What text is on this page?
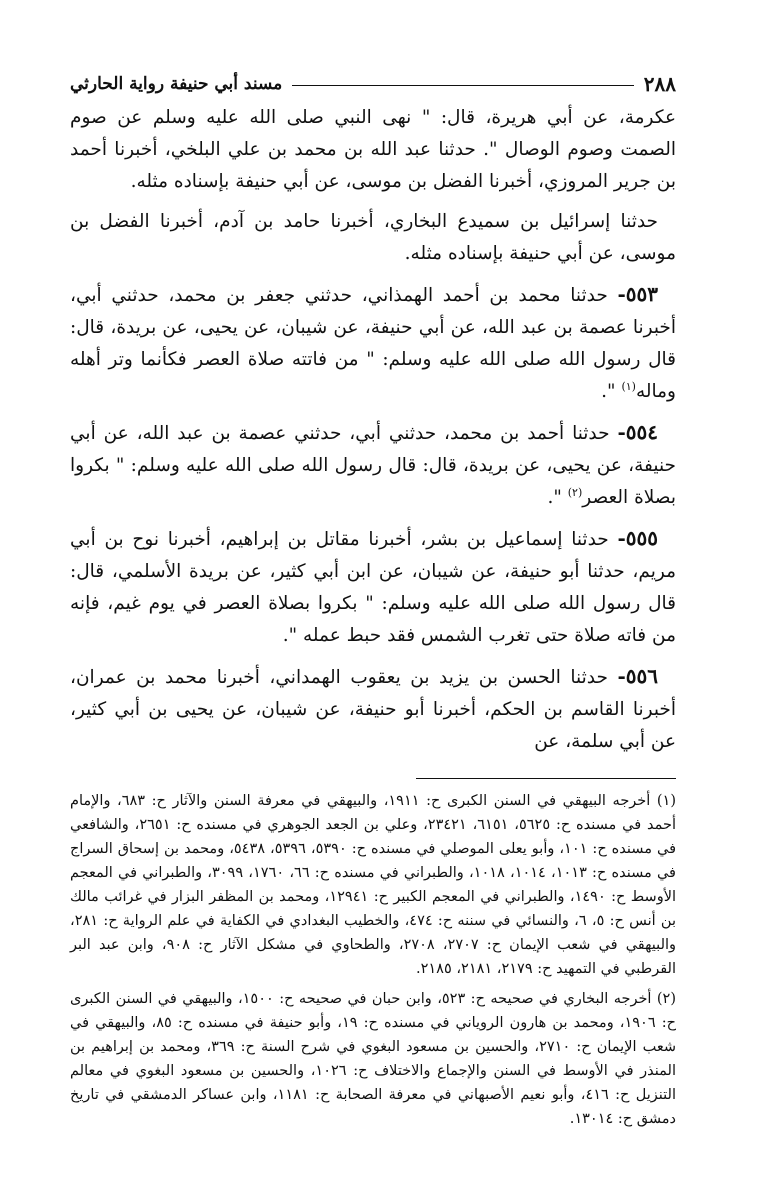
٢٨٨
مسند أبي حنيفة رواية الحارثي

عكرمة، عن أبي هريرة، قال: " نهى النبي صلى الله عليه وسلم عن صوم الصمت وصوم الوصال ". حدثنا عبد الله بن محمد بن علي البلخي، أخبرنا أحمد بن جرير المروزي، أخبرنا الفضل بن موسى، عن أبي حنيفة بإسناده مثله.

حدثنا إسرائيل بن سميدع البخاري، أخبرنا حامد بن آدم، أخبرنا الفضل بن موسى، عن أبي حنيفة بإسناده مثله.

٥٥٣- حدثنا محمد بن أحمد الهمذاني، حدثني جعفر بن محمد، حدثني أبي، أخبرنا عصمة بن عبد الله، عن أبي حنيفة، عن شيبان، عن يحيى، عن بريدة، قال: قال رسول الله صلى الله عليه وسلم: " من فاتته صلاة العصر فكأنما وتر أهله وماله$^{(١)}$ ".

٥٥٤- حدثنا أحمد بن محمد، حدثني أبي، حدثني عصمة بن عبد الله، عن أبي حنيفة، عن يحيى، عن بريدة، قال: قال رسول الله صلى الله عليه وسلم: " بكروا بصلاة العصر$^{(٢)}$ ".

٥٥٥- حدثنا إسماعيل بن بشر، أخبرنا مقاتل بن إبراهيم، أخبرنا نوح بن أبي مريم، حدثنا أبو حنيفة، عن شيبان، عن ابن أبي كثير، عن بريدة الأسلمي، قال: قال رسول الله صلى الله عليه وسلم: " بكروا بصلاة العصر في يوم غيم، فإنه من فاته صلاة حتى تغرب الشمس فقد حبط عمله ".

٥٥٦- حدثنا الحسن بن يزيد بن يعقوب الهمداني، أخبرنا محمد بن عمران، أخبرنا القاسم بن الحكم، أخبرنا أبو حنيفة، عن شيبان، عن يحيى بن أبي كثير، عن أبي سلمة، عن

(١) أخرجه البيهقي في السنن الكبرى ح: ١٩١١، والبيهقي في معرفة السنن والآثار ح: ٦٨٣، والإمام أحمد في مسنده ح: ٥٦٢٥، ٦١٥١، ٢٣٤٢١، وعلي بن الجعد الجوهري في مسنده ح: ٢٦٥١، والشافعي في مسنده ح: ١٠١، وأبو يعلى الموصلي في مسنده ح: ٥٣٩٠، ٥٣٩٦، ٥٤٣٨، ومحمد بن إسحاق السراج في مسنده ح: ١٠١٣، ١٠١٤، ١٠١٨، والطبراني في مسنده ح: ٦٦، ١٧٦٠، ٣٠٩٩، والطبراني في المعجم الأوسط ح: ١٤٩٠، والطبراني في المعجم الكبير ح: ١٢٩٤١، ومحمد بن المظفر البزار في غرائب مالك بن أنس ح: ٥، ٦، والنسائي في سننه ح: ٤٧٤، والخطيب البغدادي في الكفاية في علم الرواية ح: ٢٨١، والبيهقي في شعب الإيمان ح: ٢٧٠٧، ٢٧٠٨، والطحاوي في مشكل الآثار ح: ٩٠٨، وابن عبد البر القرطبي في التمهيد ح: ٢١٧٩، ٢١٨١، ٢١٨٥.

(٢) أخرجه البخاري في صحيحه ح: ٥٢٣، وابن حبان في صحيحه ح: ١٥٠٠، والبيهقي في السنن الكبرى ح: ١٩٠٦، ومحمد بن هارون الروياني في مسنده ح: ١٩، وأبو حنيفة في مسنده ح: ٨٥، والبيهقي في شعب الإيمان ح: ٢٧١٠، والحسين بن مسعود البغوي في شرح السنة ح: ٣٦٩، ومحمد بن إبراهيم بن المنذر في الأوسط في السنن والإجماع والاختلاف ح: ١٠٢٦، والحسين بن مسعود البغوي في معالم التنزيل ح: ٤١٦، وأبو نعيم الأصبهاني في معرفة الصحابة ح: ١١٨١، وابن عساكر الدمشقي في تاريخ دمشق ح: ١٣٠١٤.
